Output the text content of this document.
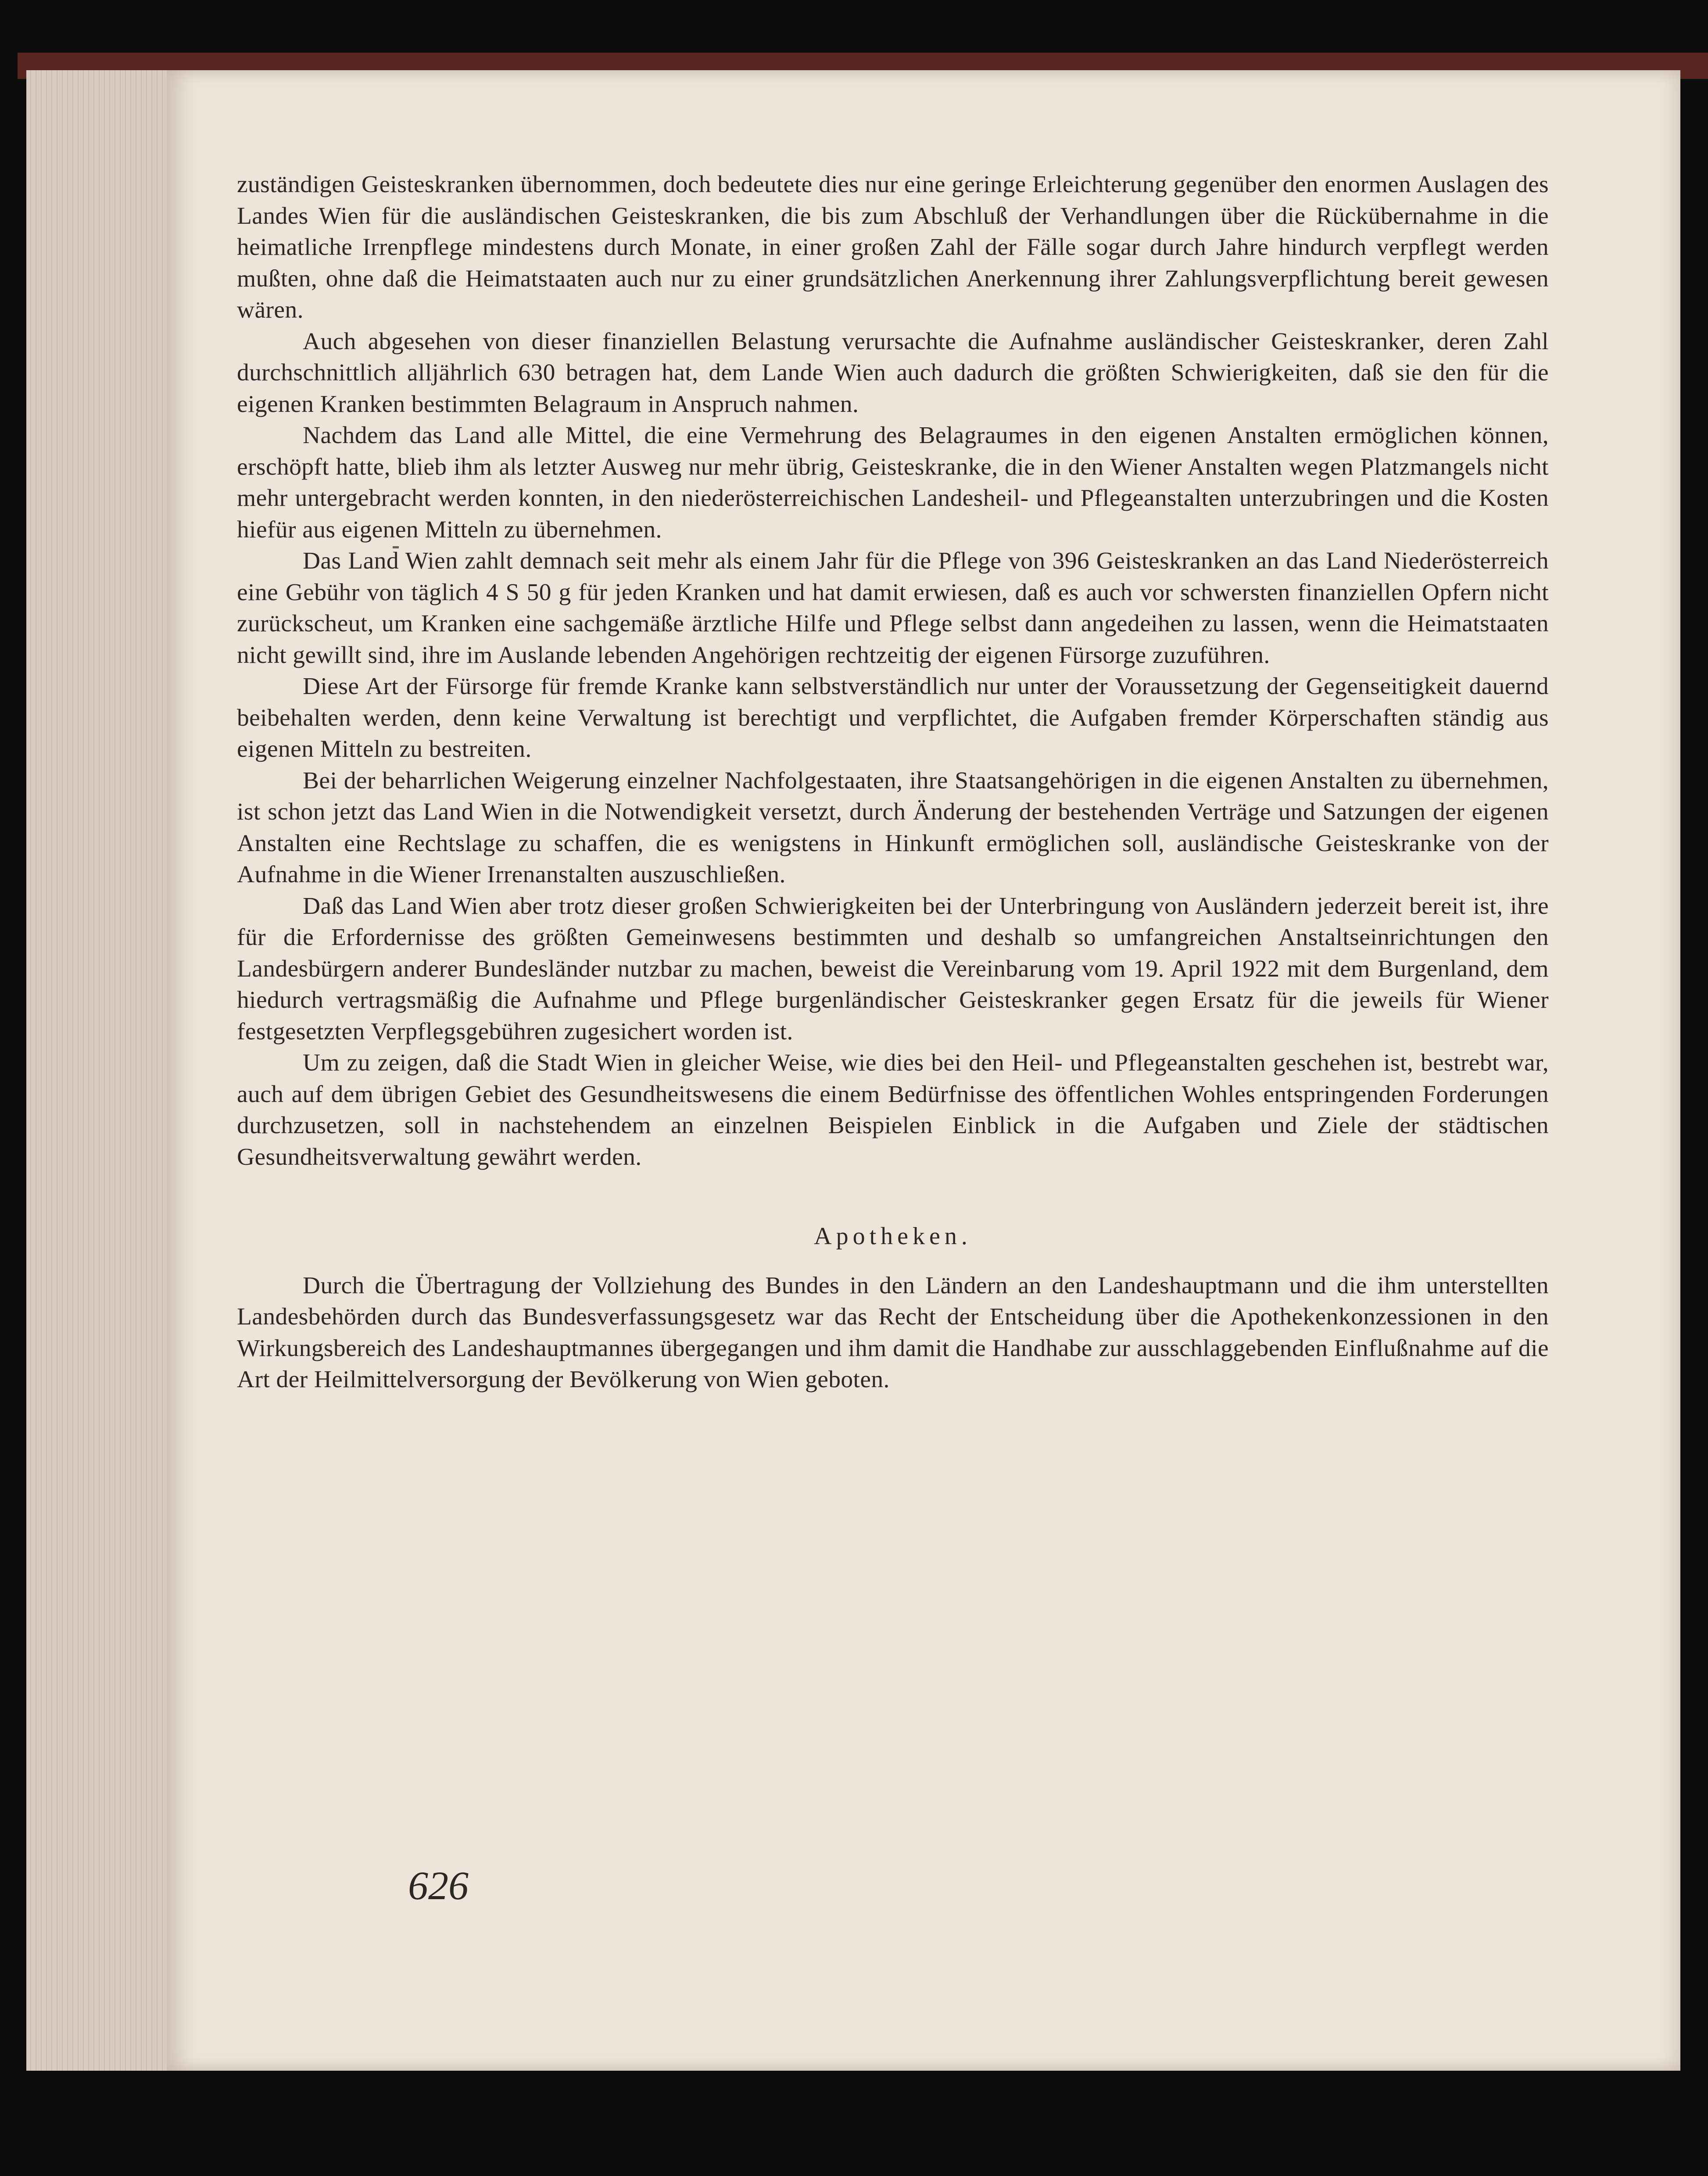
zuständigen Geisteskranken übernommen, doch bedeutete dies nur eine geringe Erleichterung gegenüber den enormen Auslagen des Landes Wien für die ausländischen Geisteskranken, die bis zum Abschluß der Verhandlungen über die Rückübernahme in die heimatliche Irrenpflege mindestens durch Monate, in einer großen Zahl der Fälle sogar durch Jahre hindurch verpflegt werden mußten, ohne daß die Heimatstaaten auch nur zu einer grundsätzlichen Anerkennung ihrer Zahlungsverpflichtung bereit gewesen wären.

Auch abgesehen von dieser finanziellen Belastung verursachte die Aufnahme ausländischer Geisteskranker, deren Zahl durchschnittlich alljährlich 630 betragen hat, dem Lande Wien auch dadurch die größten Schwierigkeiten, daß sie den für die eigenen Kranken bestimmten Belagraum in Anspruch nahmen.

Nachdem das Land alle Mittel, die eine Vermehrung des Belagraumes in den eigenen Anstalten ermöglichen können, erschöpft hatte, blieb ihm als letzter Ausweg nur mehr übrig, Geisteskranke, die in den Wiener Anstalten wegen Platzmangels nicht mehr untergebracht werden konnten, in den niederösterreichischen Landesheil- und Pflegeanstalten unterzubringen und die Kosten hiefür aus eigenen Mitteln zu übernehmen.

Das Land Wien zahlt demnach seit mehr als einem Jahr für die Pflege von 396 Geisteskranken an das Land Niederösterreich eine Gebühr von täglich 4 S 50 g für jeden Kranken und hat damit erwiesen, daß es auch vor schwersten finanziellen Opfern nicht zurückscheut, um Kranken eine sachgemäße ärztliche Hilfe und Pflege selbst dann angedeihen zu lassen, wenn die Heimatstaaten nicht gewillt sind, ihre im Auslande lebenden Angehörigen rechtzeitig der eigenen Fürsorge zuzuführen.

Diese Art der Fürsorge für fremde Kranke kann selbstverständlich nur unter der Voraussetzung der Gegenseitigkeit dauernd beibehalten werden, denn keine Verwaltung ist berechtigt und verpflichtet, die Aufgaben fremder Körperschaften ständig aus eigenen Mitteln zu bestreiten.

Bei der beharrlichen Weigerung einzelner Nachfolgestaaten, ihre Staatsangehörigen in die eigenen Anstalten zu übernehmen, ist schon jetzt das Land Wien in die Notwendigkeit versetzt, durch Änderung der bestehenden Verträge und Satzungen der eigenen Anstalten eine Rechtslage zu schaffen, die es wenigstens in Hinkunft ermöglichen soll, ausländische Geisteskranke von der Aufnahme in die Wiener Irrenanstalten auszuschließen.

Daß das Land Wien aber trotz dieser großen Schwierigkeiten bei der Unterbringung von Ausländern jederzeit bereit ist, ihre für die Erfordernisse des größten Gemeinwesens bestimmten und deshalb so umfangreichen Anstaltseinrichtungen den Landesbürgern anderer Bundesländer nutzbar zu machen, beweist die Vereinbarung vom 19. April 1922 mit dem Burgenland, dem hiedurch vertragsmäßig die Aufnahme und Pflege burgenländischer Geisteskranker gegen Ersatz für die jeweils für Wiener festgesetzten Verpflegsgebühren zugesichert worden ist.

Um zu zeigen, daß die Stadt Wien in gleicher Weise, wie dies bei den Heil- und Pflegeanstalten geschehen ist, bestrebt war, auch auf dem übrigen Gebiet des Gesundheitswesens die einem Bedürfnisse des öffentlichen Wohles entspringenden Forderungen durchzusetzen, soll in nachstehendem an einzelnen Beispielen Einblick in die Aufgaben und Ziele der städtischen Gesundheitsverwaltung gewährt werden.

Apotheken.

Durch die Übertragung der Vollziehung des Bundes in den Ländern an den Landeshauptmann und die ihm unterstellten Landesbehörden durch das Bundesverfassungsgesetz war das Recht der Entscheidung über die Apothekenkonzessionen in den Wirkungsbereich des Landeshauptmannes übergegangen und ihm damit die Handhabe zur ausschlaggebenden Einflußnahme auf die Art der Heilmittelversorgung der Bevölkerung von Wien geboten.

626
